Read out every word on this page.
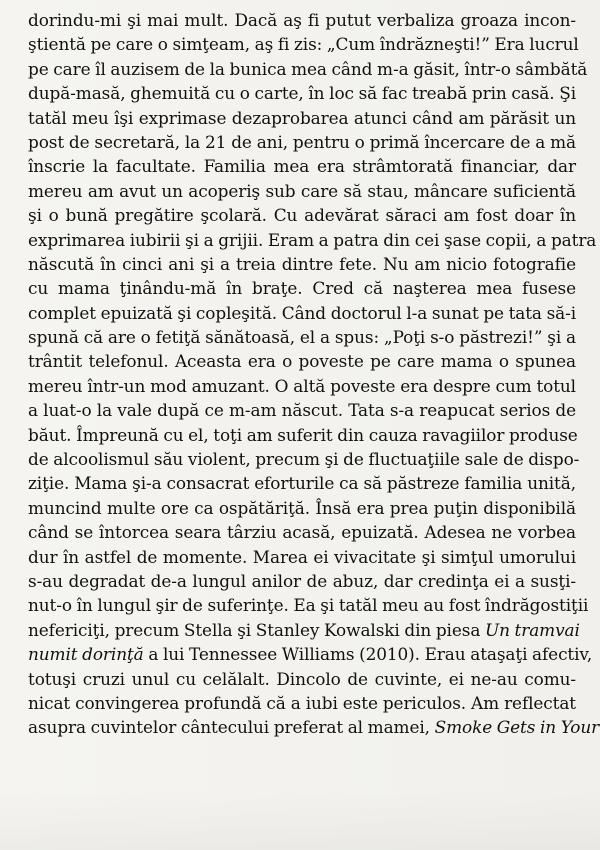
dorindu-mi şi mai mult. Dacă aş fi putut verbaliza groaza incon-
ştientă pe care o simţeam, aş fi zis: „Cum îndrăzneşti!” Era lucrul
pe care îl auzisem de la bunica mea când m-a găsit, într-o sâmbătă
după-masă, ghemuită cu o carte, în loc să fac treabă prin casă. Şi
tatăl meu îşi exprimase dezaprobarea atunci când am părăsit un
post de secretară, la 21 de ani, pentru o primă încercare de a mă
înscrie la facultate. Familia mea era strâmtorată financiar, dar
mereu am avut un acoperiş sub care să stau, mâncare suficientă
şi o bună pregătire şcolară. Cu adevărat săraci am fost doar în
exprimarea iubirii şi a grijii. Eram a patra din cei şase copii, a patra
născută în cinci ani şi a treia dintre fete. Nu am nicio fotografie
cu mama ţinându-mă în braţe. Cred că naşterea mea fusese
complet epuizată şi copleşită. Când doctorul l-a sunat pe tata să-i
spună că are o fetiţă sănătoasă, el a spus: „Poţi s-o păstrezi!” şi a
trântit telefonul. Aceasta era o poveste pe care mama o spunea
mereu într-un mod amuzant. O altă poveste era despre cum totul
a luat-o la vale după ce m-am născut. Tata s-a reapucat serios de
băut. Împreună cu el, toţi am suferit din cauza ravagiilor produse
de alcoolismul său violent, precum şi de fluctuaţiile sale de dispo-
ziţie. Mama şi-a consacrat eforturile ca să păstreze familia unită,
muncind multe ore ca ospătăriţă. Însă era prea puţin disponibilă
când se întorcea seara târziu acasă, epuizată. Adesea ne vorbea
dur în astfel de momente. Marea ei vivacitate şi simţul umorului
s-au degradat de-a lungul anilor de abuz, dar credinţa ei a susţi-
nut-o în lungul şir de suferinţe. Ea şi tatăl meu au fost îndrăgostiţii
nefericiţi, precum Stella şi Stanley Kowalski din piesa Un tramvai
numit dorinţă a lui Tennessee Williams (2010). Erau ataşaţi afectiv,
totuşi cruzi unul cu celălalt. Dincolo de cuvinte, ei ne-au comu-
nicat convingerea profundă că a iubi este periculos. Am reflectat
asupra cuvintelor cântecului preferat al mamei, Smoke Gets in Your
